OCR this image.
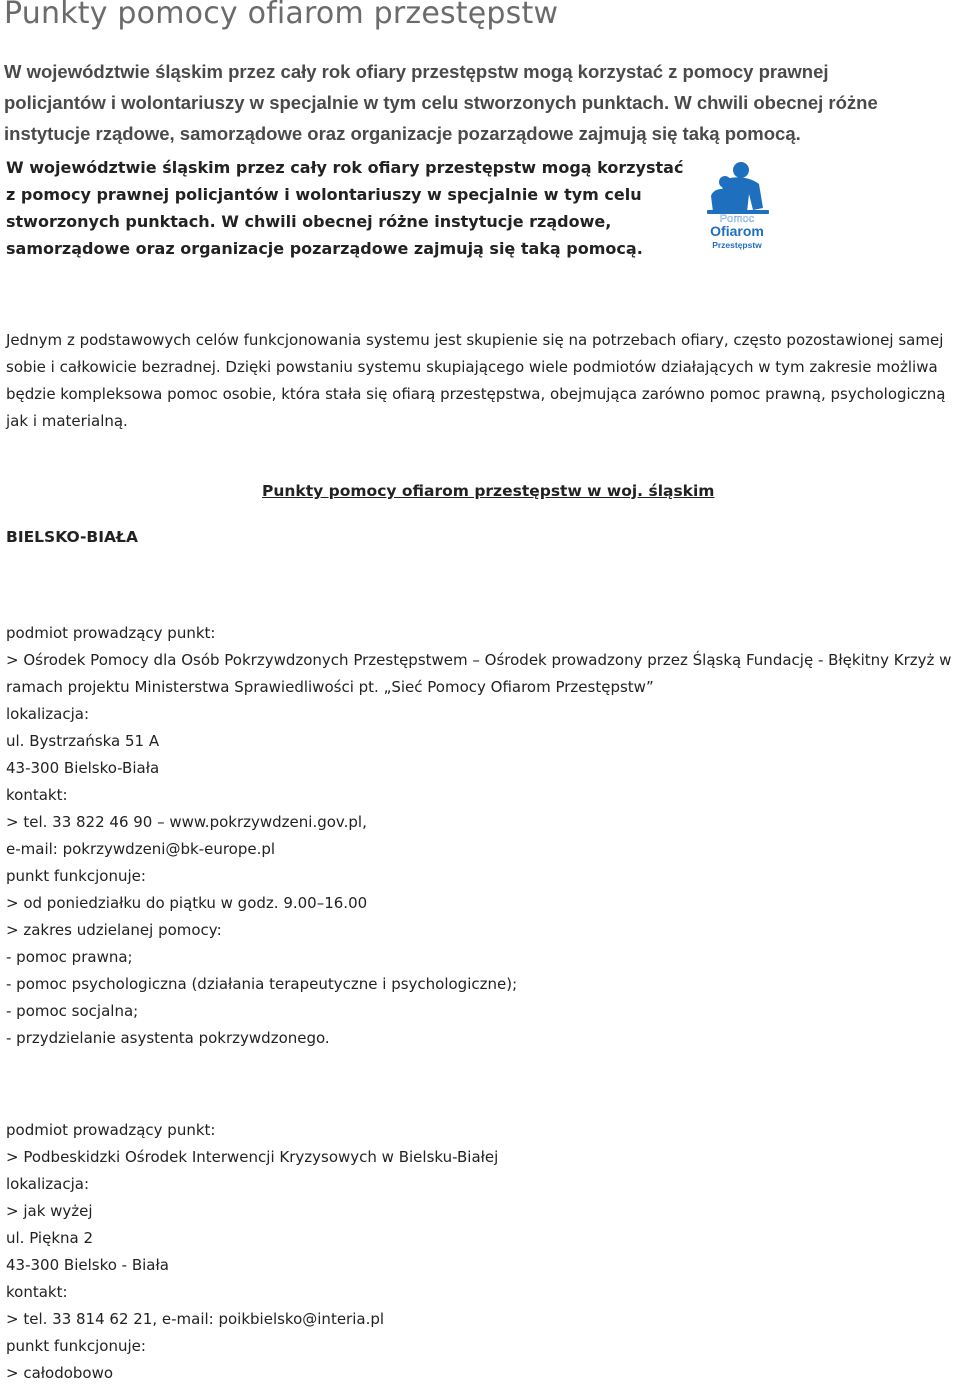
Punkty pomocy ofiarom przestępstw
W województwie śląskim przez cały rok ofiary przestępstw mogą korzystać z pomocy prawnej policjantów i wolontariuszy w specjalnie w tym celu stworzonych punktach. W chwili obecnej różne instytucje rządowe, samorządowe oraz organizacje pozarządowe zajmują się taką pomocą.
W województwie śląskim przez cały rok ofiary przestępstw mogą korzystać z pomocy prawnej policjantów i wolontariuszy w specjalnie w tym celu stworzonych punktach. W chwili obecnej różne instytucje rządowe, samorządowe oraz organizacje pozarządowe zajmują się taką pomocą.
Pomoc
Ofiarom
Przestępstw
Jednym z podstawowych celów funkcjonowania systemu jest skupienie się na potrzebach ofiary, często pozostawionej samej sobie i całkowicie bezradnej. Dzięki powstaniu systemu skupiającego wiele podmiotów działających w tym zakresie możliwa będzie kompleksowa pomoc osobie, która stała się ofiarą przestępstwa, obejmująca zarówno pomoc prawną, psychologiczną jak i materialną.
Punkty pomocy ofiarom przestępstw w woj. śląskim
BIELSKO-BIAŁA
podmiot prowadzący punkt:
> Ośrodek Pomocy dla Osób Pokrzywdzonych Przestępstwem – Ośrodek prowadzony przez Śląską Fundację - Błękitny Krzyż w ramach projektu Ministerstwa Sprawiedliwości pt. „Sieć Pomocy Ofiarom Przestępstw”
lokalizacja:
ul. Bystrzańska 51 A
43-300 Bielsko-Biała
kontakt:
> tel. 33 822 46 90 – www.pokrzywdzeni.gov.pl,
e-mail: pokrzywdzeni@bk-europe.pl
punkt funkcjonuje:
> od poniedziałku do piątku w godz. 9.00–16.00
> zakres udzielanej pomocy:
- pomoc prawna;
- pomoc psychologiczna (działania terapeutyczne i psychologiczne);
- pomoc socjalna;
- przydzielanie asystenta pokrzywdzonego.
podmiot prowadzący punkt:
> Podbeskidzki Ośrodek Interwencji Kryzysowych w Bielsku-Białej
lokalizacja:
> jak wyżej
ul. Piękna 2
43-300 Bielsko - Biała
kontakt:
> tel. 33 814 62 21, e-mail: poikbielsko@interia.pl
punkt funkcjonuje:
> całodobowo
